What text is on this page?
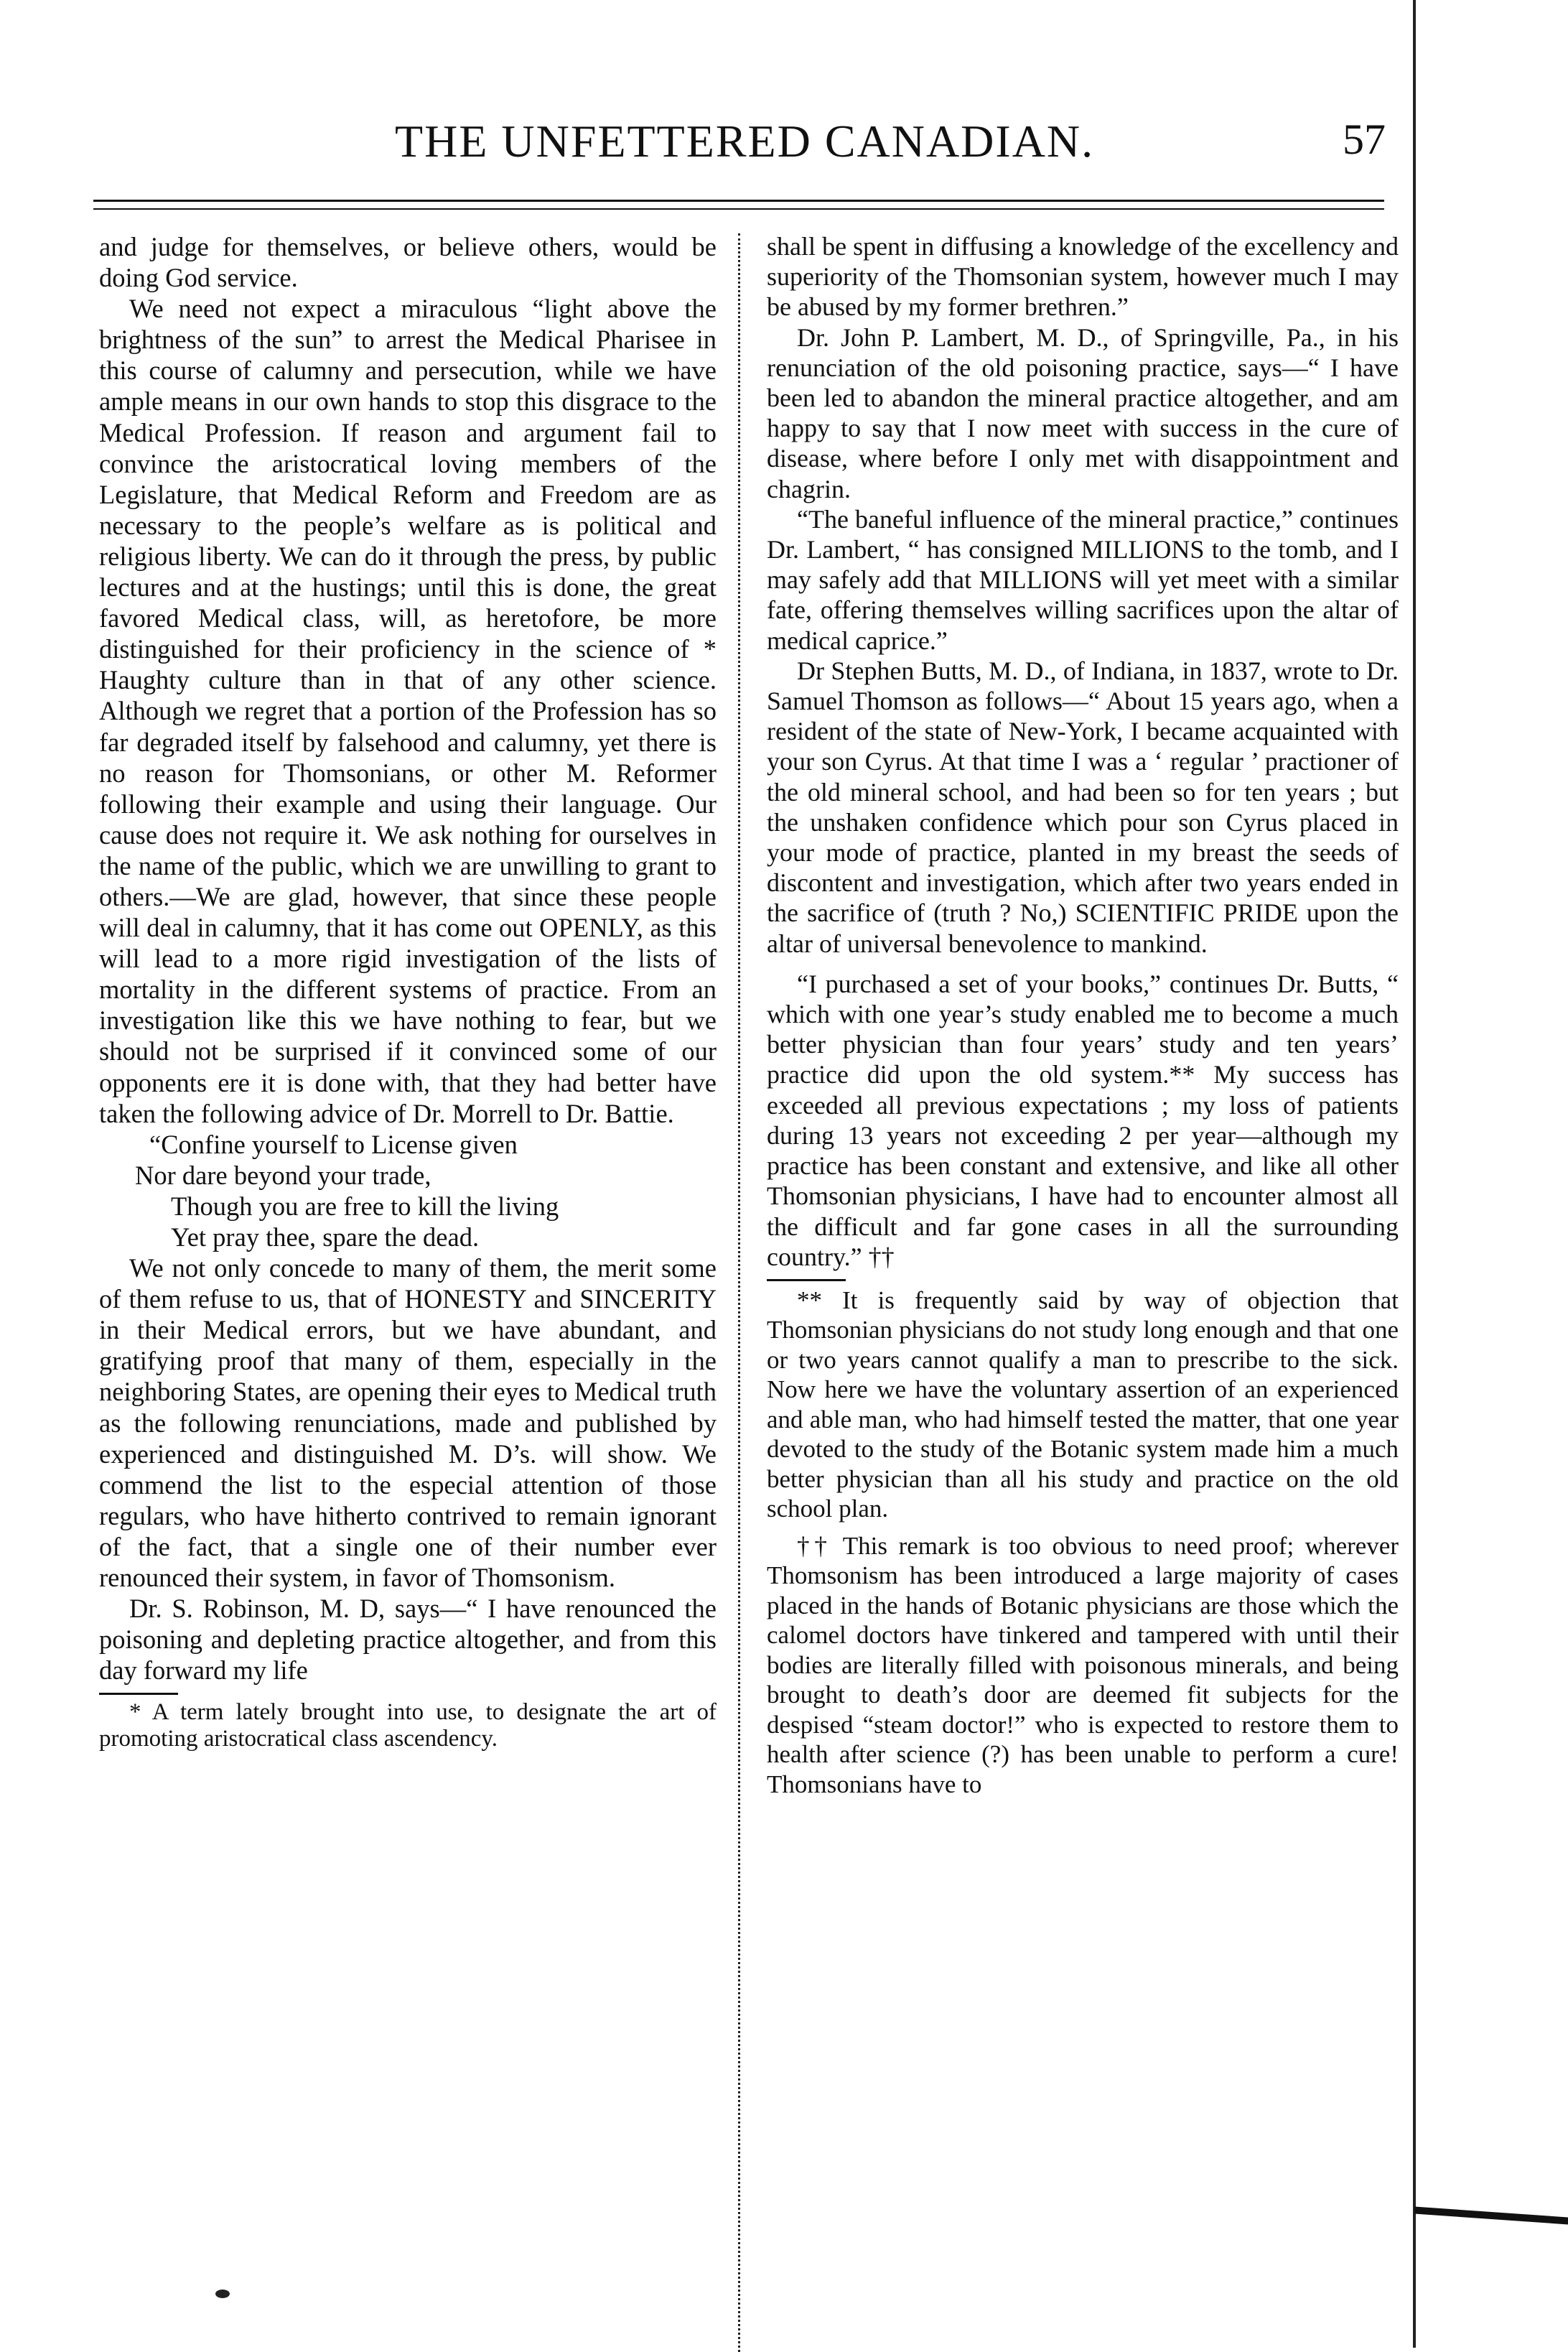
THE UNFETTERED CANADIAN.	57

and judge for themselves, or believe others, would be doing God service.

We need not expect a miraculous “light above the brightness of the sun” to arrest the Medical Pharisee in this course of calumny and persecution, while we have ample means in our own hands to stop this disgrace to the Medical Profession. If reason and argument fail to convince the aristocratical loving members of the Legislature, that Medical Reform and Freedom are as necessary to the people’s welfare as is political and religious liberty. We can do it through the press, by public lectures and at the hustings; until this is done, the great favored Medical class, will, as heretofore, be more distinguished for their proficiency in the science of * Haughty culture than in that of any other science. Although we regret that a portion of the Profession has so far degraded itself by falsehood and calumny, yet there is no reason for Thomsonians, or other M. Reformer following their example and using their language. Our cause does not require it. We ask nothing for ourselves in the name of the public, which we are unwilling to grant to others.—We are glad, however, that since these people will deal in calumny, that it has come out OPENLY, as this will lead to a more rigid investigation of the lists of mortality in the different systems of practice. From an investigation like this we have nothing to fear, but we should not be surprised if it convinced some of our opponents ere it is done with, that they had better have taken the following advice of Dr. Morrell to Dr. Battie.

“Confine yourself to License given
Nor dare beyond your trade,
Though you are free to kill the living
Yet pray thee, spare the dead.

We not only concede to many of them, the merit some of them refuse to us, that of HONESTY and SINCERITY in their Medical errors, but we have abundant, and gratifying proof that many of them, especially in the neighboring States, are opening their eyes to Medical truth as the following renunciations, made and published by experienced and distinguished M. D’s. will show. We commend the list to the especial attention of those regulars, who have hitherto contrived to remain ignorant of the fact, that a single one of their number ever renounced their system, in favor of Thomsonism.

Dr. S. Robinson, M. D, says—“ I have renounced the poisoning and depleting practice altogether, and from this day forward my life

* A term lately brought into use, to designate the art of promoting aristocratical class ascendency.

shall be spent in diffusing a knowledge of the excellency and superiority of the Thomsonian system, however much I may be abused by my former brethren.”

Dr. John P. Lambert, M. D., of Springville, Pa., in his renunciation of the old poisoning practice, says—“ I have been led to abandon the mineral practice altogether, and am happy to say that I now meet with success in the cure of disease, where before I only met with disappointment and chagrin.

“The baneful influence of the mineral practice,” continues Dr. Lambert, “ has consigned MILLIONS to the tomb, and I may safely add that MILLIONS will yet meet with a similar fate, offering themselves willing sacrifices upon the altar of medical caprice.”

Dr Stephen Butts, M. D., of Indiana, in 1837, wrote to Dr. Samuel Thomson as follows—“ About 15 years ago, when a resident of the state of New-York, I became acquainted with your son Cyrus. At that time I was a ‘ regular ’ practioner of the old mineral school, and had been so for ten years ; but the unshaken confidence which pour son Cyrus placed in your mode of practice, planted in my breast the seeds of discontent and investigation, which after two years ended in the sacrifice of (truth ? No,) SCIENTIFIC PRIDE upon the altar of universal benevolence to mankind.

“I purchased a set of your books,” continues Dr. Butts, “ which with one year’s study enabled me to become a much better physician than four years’ study and ten years’ practice did upon the old system.** My success has exceeded all previous expectations ; my loss of patients during 13 years not exceeding 2 per year—although my practice has been constant and extensive, and like all other Thomsonian physicians, I have had to encounter almost all the difficult and far gone cases in all the surrounding country.” ††

** It is frequently said by way of objection that Thomsonian physicians do not study long enough and that one or two years cannot qualify a man to prescribe to the sick. Now here we have the voluntary assertion of an experienced and able man, who had himself tested the matter, that one year devoted to the study of the Botanic system made him a much better physician than all his study and practice on the old school plan.

†† This remark is too obvious to need proof; wherever Thomsonism has been introduced a large majority of cases placed in the hands of Botanic physicians are those which the calomel doctors have tinkered and tampered with until their bodies are literally filled with poisonous minerals, and being brought to death’s door are deemed fit subjects for the despised “steam doctor!” who is expected to restore them to health after science (?) has been unable to perform a cure! Thomsonians have to
